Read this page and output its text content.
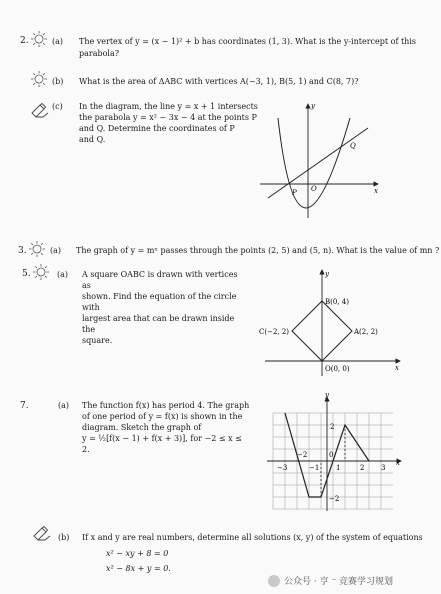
2.	(a) The vertex of y = (x − 1)² + b has coordinates (1, 3). What is the y-intercept of this
parabola?
(b) What is the area of ΔABC with vertices A(−3, 1), B(5, 1) and C(8, 7)?
(c) In the diagram, the line y = x + 1 intersects
the parabola y = x² − 3x − 4 at the points P
and Q. Determine the coordinates of P
and Q.
y
x
P O
Q
3.	(a) The graph of y = mˣ passes through the points (2, 5) and (5, n). What is the value of mn ?
5.	(a) A square OABC is drawn with vertices as
shown. Find the equation of the circle with
largest area that can be drawn inside the
square.
y
x
B(0, 4)
C(−2, 2)	A(2, 2)
O(0, 0)
7.	(a) The function f(x) has period 4. The graph
of one period of y = f(x) is shown in the
diagram. Sketch the graph of
y = ½[f(x − 1) + f(x + 3)], for −2 ≤ x ≤ 2.
y
x
2
−2
−3	−1
0
1	2 3
−2
(b) If x and y are real numbers, determine all solutions (x, y) of the system of equations
x² − xy + 8 = 0
x² − 8x + y = 0.
公众号 · 亨 ⁻ 竞赛学习规划
